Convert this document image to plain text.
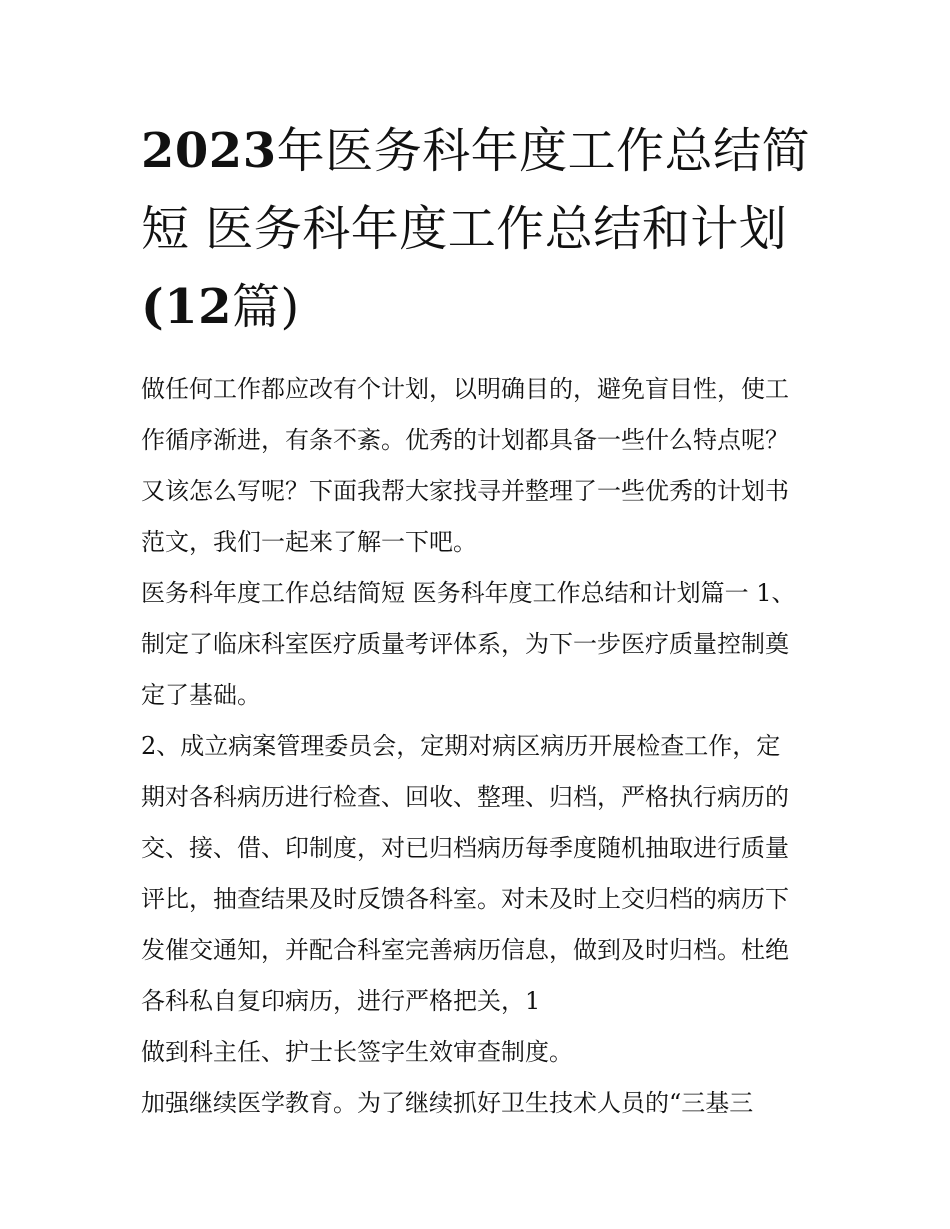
2023年医务科年度工作总结简
短 医务科年度工作总结和计划
(12篇)

做任何工作都应改有个计划，以明确目的，避免盲目性，使工
作循序渐进，有条不紊。优秀的计划都具备一些什么特点呢？
又该怎么写呢？下面我帮大家找寻并整理了一些优秀的计划书
范文，我们一起来了解一下吧。

医务科年度工作总结简短 医务科年度工作总结和计划篇一 1、
制定了临床科室医疗质量考评体系，为下一步医疗质量控制奠
定了基础。

2、成立病案管理委员会，定期对病区病历开展检查工作，定
期对各科病历进行检查、回收、整理、归档，严格执行病历的
交、接、借、印制度，对已归档病历每季度随机抽取进行质量
评比，抽查结果及时反馈各科室。对未及时上交归档的病历下
发催交通知，并配合科室完善病历信息，做到及时归档。杜绝
各科私自复印病历，进行严格把关，1

做到科主任、护士长签字生效审查制度。

加强继续医学教育。为了继续抓好卫生技术人员的“三基三
